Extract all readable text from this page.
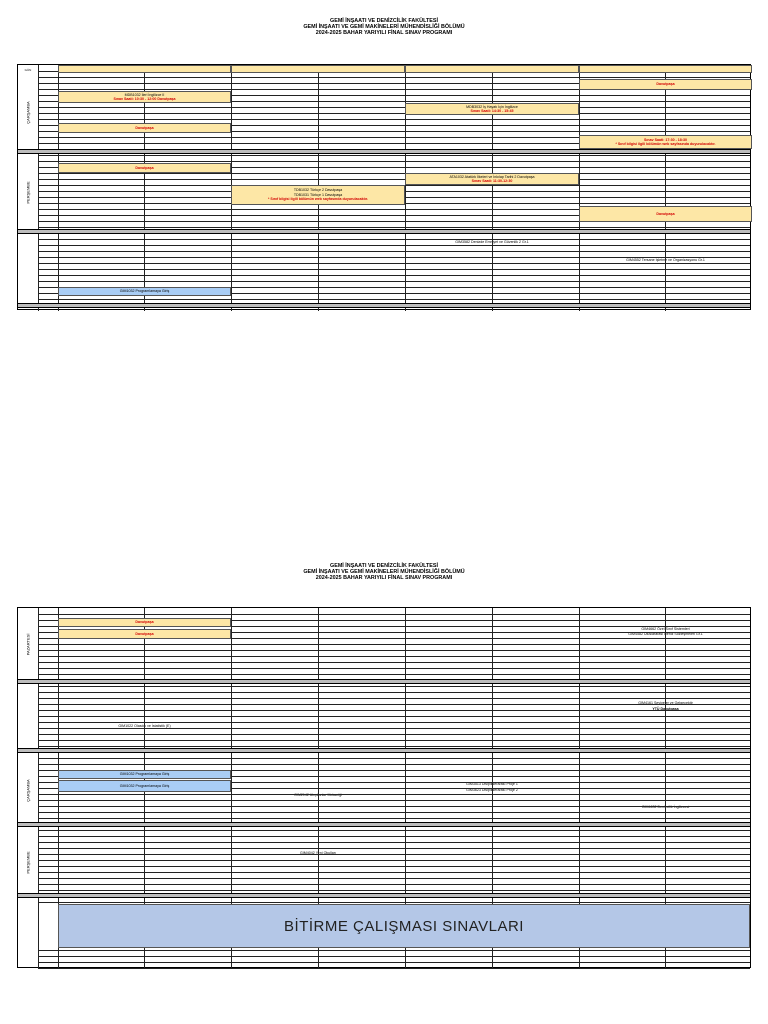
GEMİ İNŞAATI VE DENİZCİLİK FAKÜLTESİ
GEMİ İNŞAATI VE GEMİ MAKİNELERİ MÜHENDİSLİĞİ BÖLÜMÜ
2024-2025 BAHAR YARIYILI FİNAL SINAV PROGRAMI
GÜN
ÇARŞAMBA
PERŞEMBE
GIM3582 Denizde Emniyet ve Güvenlik 2 Gr.1
GIM4552 Tersane İşletme ve Organizasyonu Gr.1
Davutpaşa
MDB1032 İleri İngilizce II
Sınav Saati: 10:30 - 12:00 Davutpaşa
MDB3032 İş Hayatı İçin İngilizce
Sınav Saati: 14:30 - 15:45
Davutpaşa
Sınav Saati: 17:30 - 18:30
* Sınıf bilgisi ilgili bölümün web sayfasında duyurulacaktır.
Davutpaşa
ATA1032 Atatürk İlkeleri ve İnkılap Tarihi 2 Davutpaşa
Sınav Saati: 11:30-12:30
TDB1032 Türkçe 2 Davutpaşa
TDB1031 Türkçe 1 Davutpaşa
* Sınıf bilgisi ilgili bölümün web sayfasında duyurulacaktır.
Davutpaşa
GIM1032 Programlamaya Giriş
GEMİ İNŞAATI VE DENİZCİLİK FAKÜLTESİ
GEMİ İNŞAATI VE GEMİ MAKİNELERİ MÜHENDİSLİĞİ BÖLÜMÜ
2024-2025 BAHAR YARIYILI FİNAL SINAV PROGRAMI
PAZARTESİ
ÇARŞAMBA
PERŞEMBE
GIM4662 Özel Sınıf Sistemleri
GIM4582 Uluslararası Deniz Sözleşmeleri Gr.1
GIM4161 Seviyeler ve Gelgecektir
YTÜ Davutpaşa
GIM1022 Olasılık ve İstatistik (E)
GIM3513 Disiplinlerarası Proje 1
GIM3623 Disiplinlerarası Proje 2
GIM2142 Akışkanlar Mekaniği
GIM4632 Denizcilik İngilizcesi
GIM4042 Yeni Okulları
Davutpaşa
Davutpaşa
GIM1032 Programlamaya Giriş
GIM1032 Programlamaya Giriş
BİTİRME ÇALIŞMASI SINAVLARI
